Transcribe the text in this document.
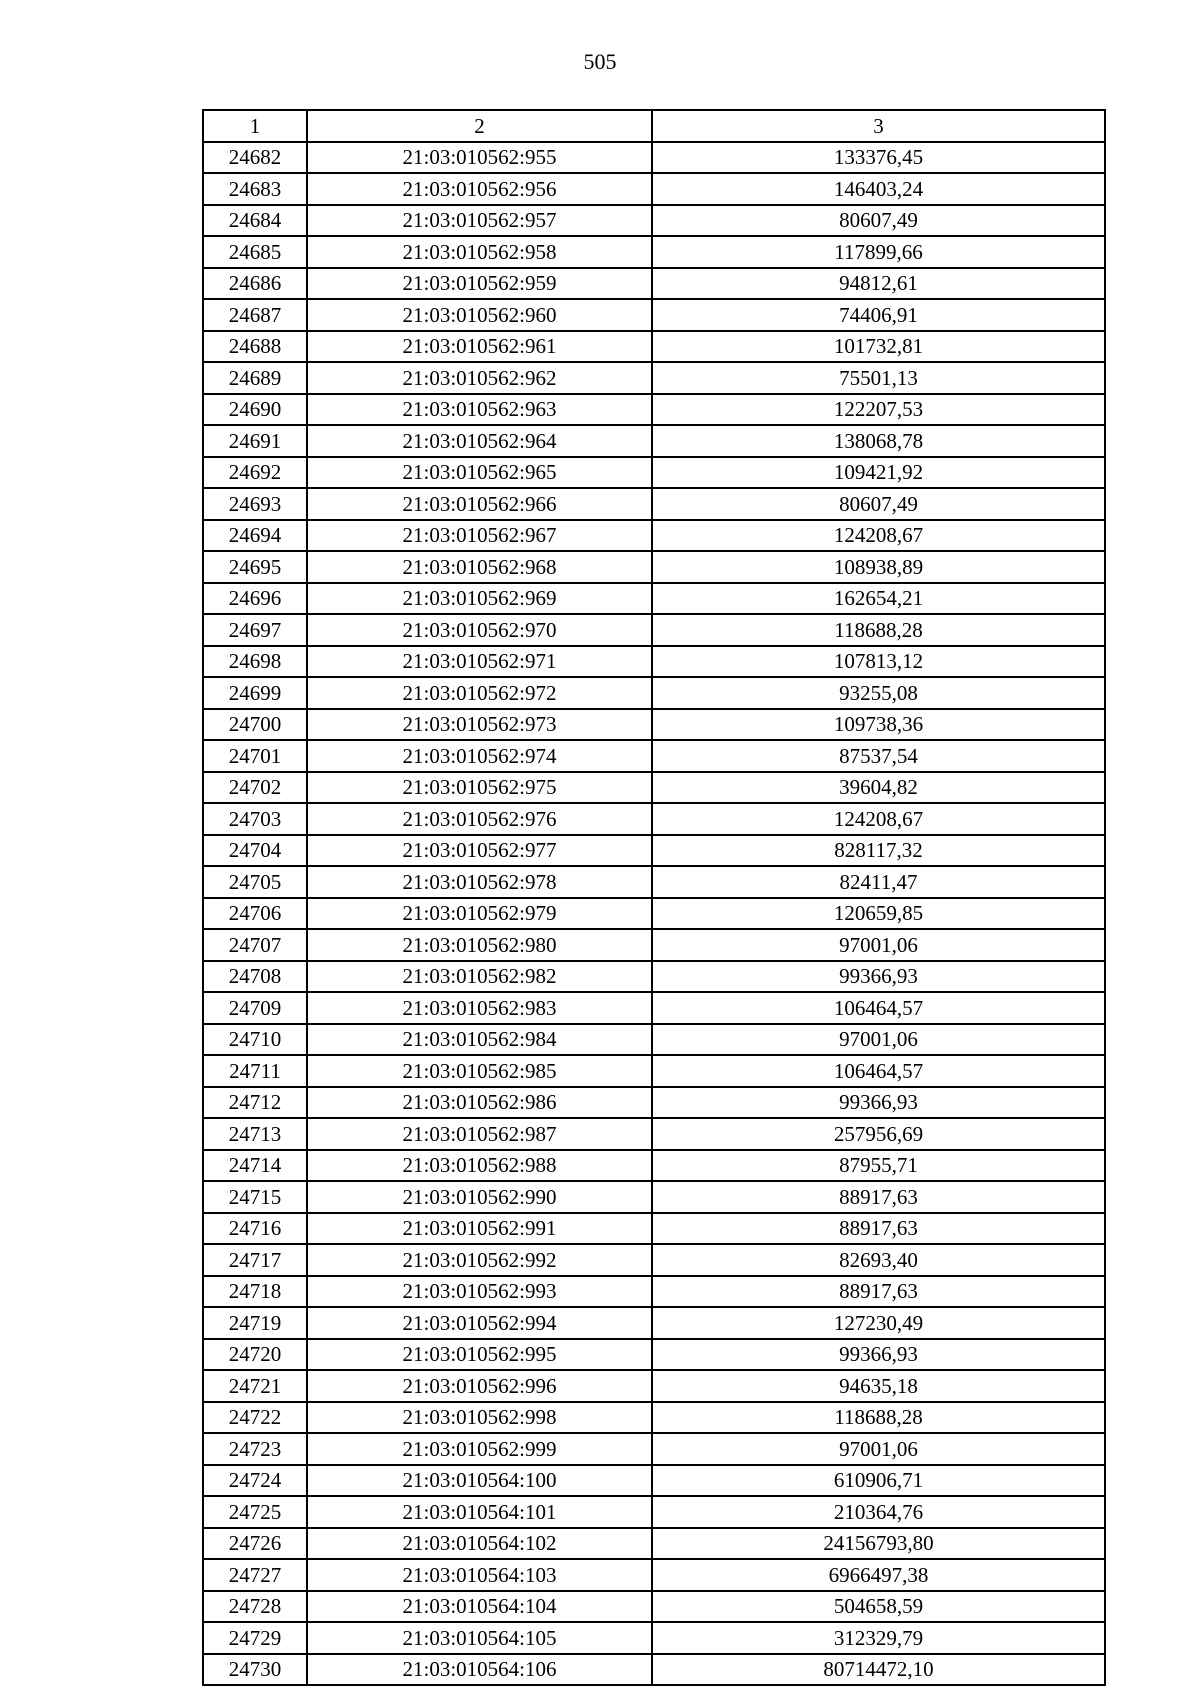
505
1	2	3
24682	21:03:010562:955	133376,45
24683	21:03:010562:956	146403,24
24684	21:03:010562:957	80607,49
24685	21:03:010562:958	117899,66
24686	21:03:010562:959	94812,61
24687	21:03:010562:960	74406,91
24688	21:03:010562:961	101732,81
24689	21:03:010562:962	75501,13
24690	21:03:010562:963	122207,53
24691	21:03:010562:964	138068,78
24692	21:03:010562:965	109421,92
24693	21:03:010562:966	80607,49
24694	21:03:010562:967	124208,67
24695	21:03:010562:968	108938,89
24696	21:03:010562:969	162654,21
24697	21:03:010562:970	118688,28
24698	21:03:010562:971	107813,12
24699	21:03:010562:972	93255,08
24700	21:03:010562:973	109738,36
24701	21:03:010562:974	87537,54
24702	21:03:010562:975	39604,82
24703	21:03:010562:976	124208,67
24704	21:03:010562:977	828117,32
24705	21:03:010562:978	82411,47
24706	21:03:010562:979	120659,85
24707	21:03:010562:980	97001,06
24708	21:03:010562:982	99366,93
24709	21:03:010562:983	106464,57
24710	21:03:010562:984	97001,06
24711	21:03:010562:985	106464,57
24712	21:03:010562:986	99366,93
24713	21:03:010562:987	257956,69
24714	21:03:010562:988	87955,71
24715	21:03:010562:990	88917,63
24716	21:03:010562:991	88917,63
24717	21:03:010562:992	82693,40
24718	21:03:010562:993	88917,63
24719	21:03:010562:994	127230,49
24720	21:03:010562:995	99366,93
24721	21:03:010562:996	94635,18
24722	21:03:010562:998	118688,28
24723	21:03:010562:999	97001,06
24724	21:03:010564:100	610906,71
24725	21:03:010564:101	210364,76
24726	21:03:010564:102	24156793,80
24727	21:03:010564:103	6966497,38
24728	21:03:010564:104	504658,59
24729	21:03:010564:105	312329,79
24730	21:03:010564:106	80714472,10
